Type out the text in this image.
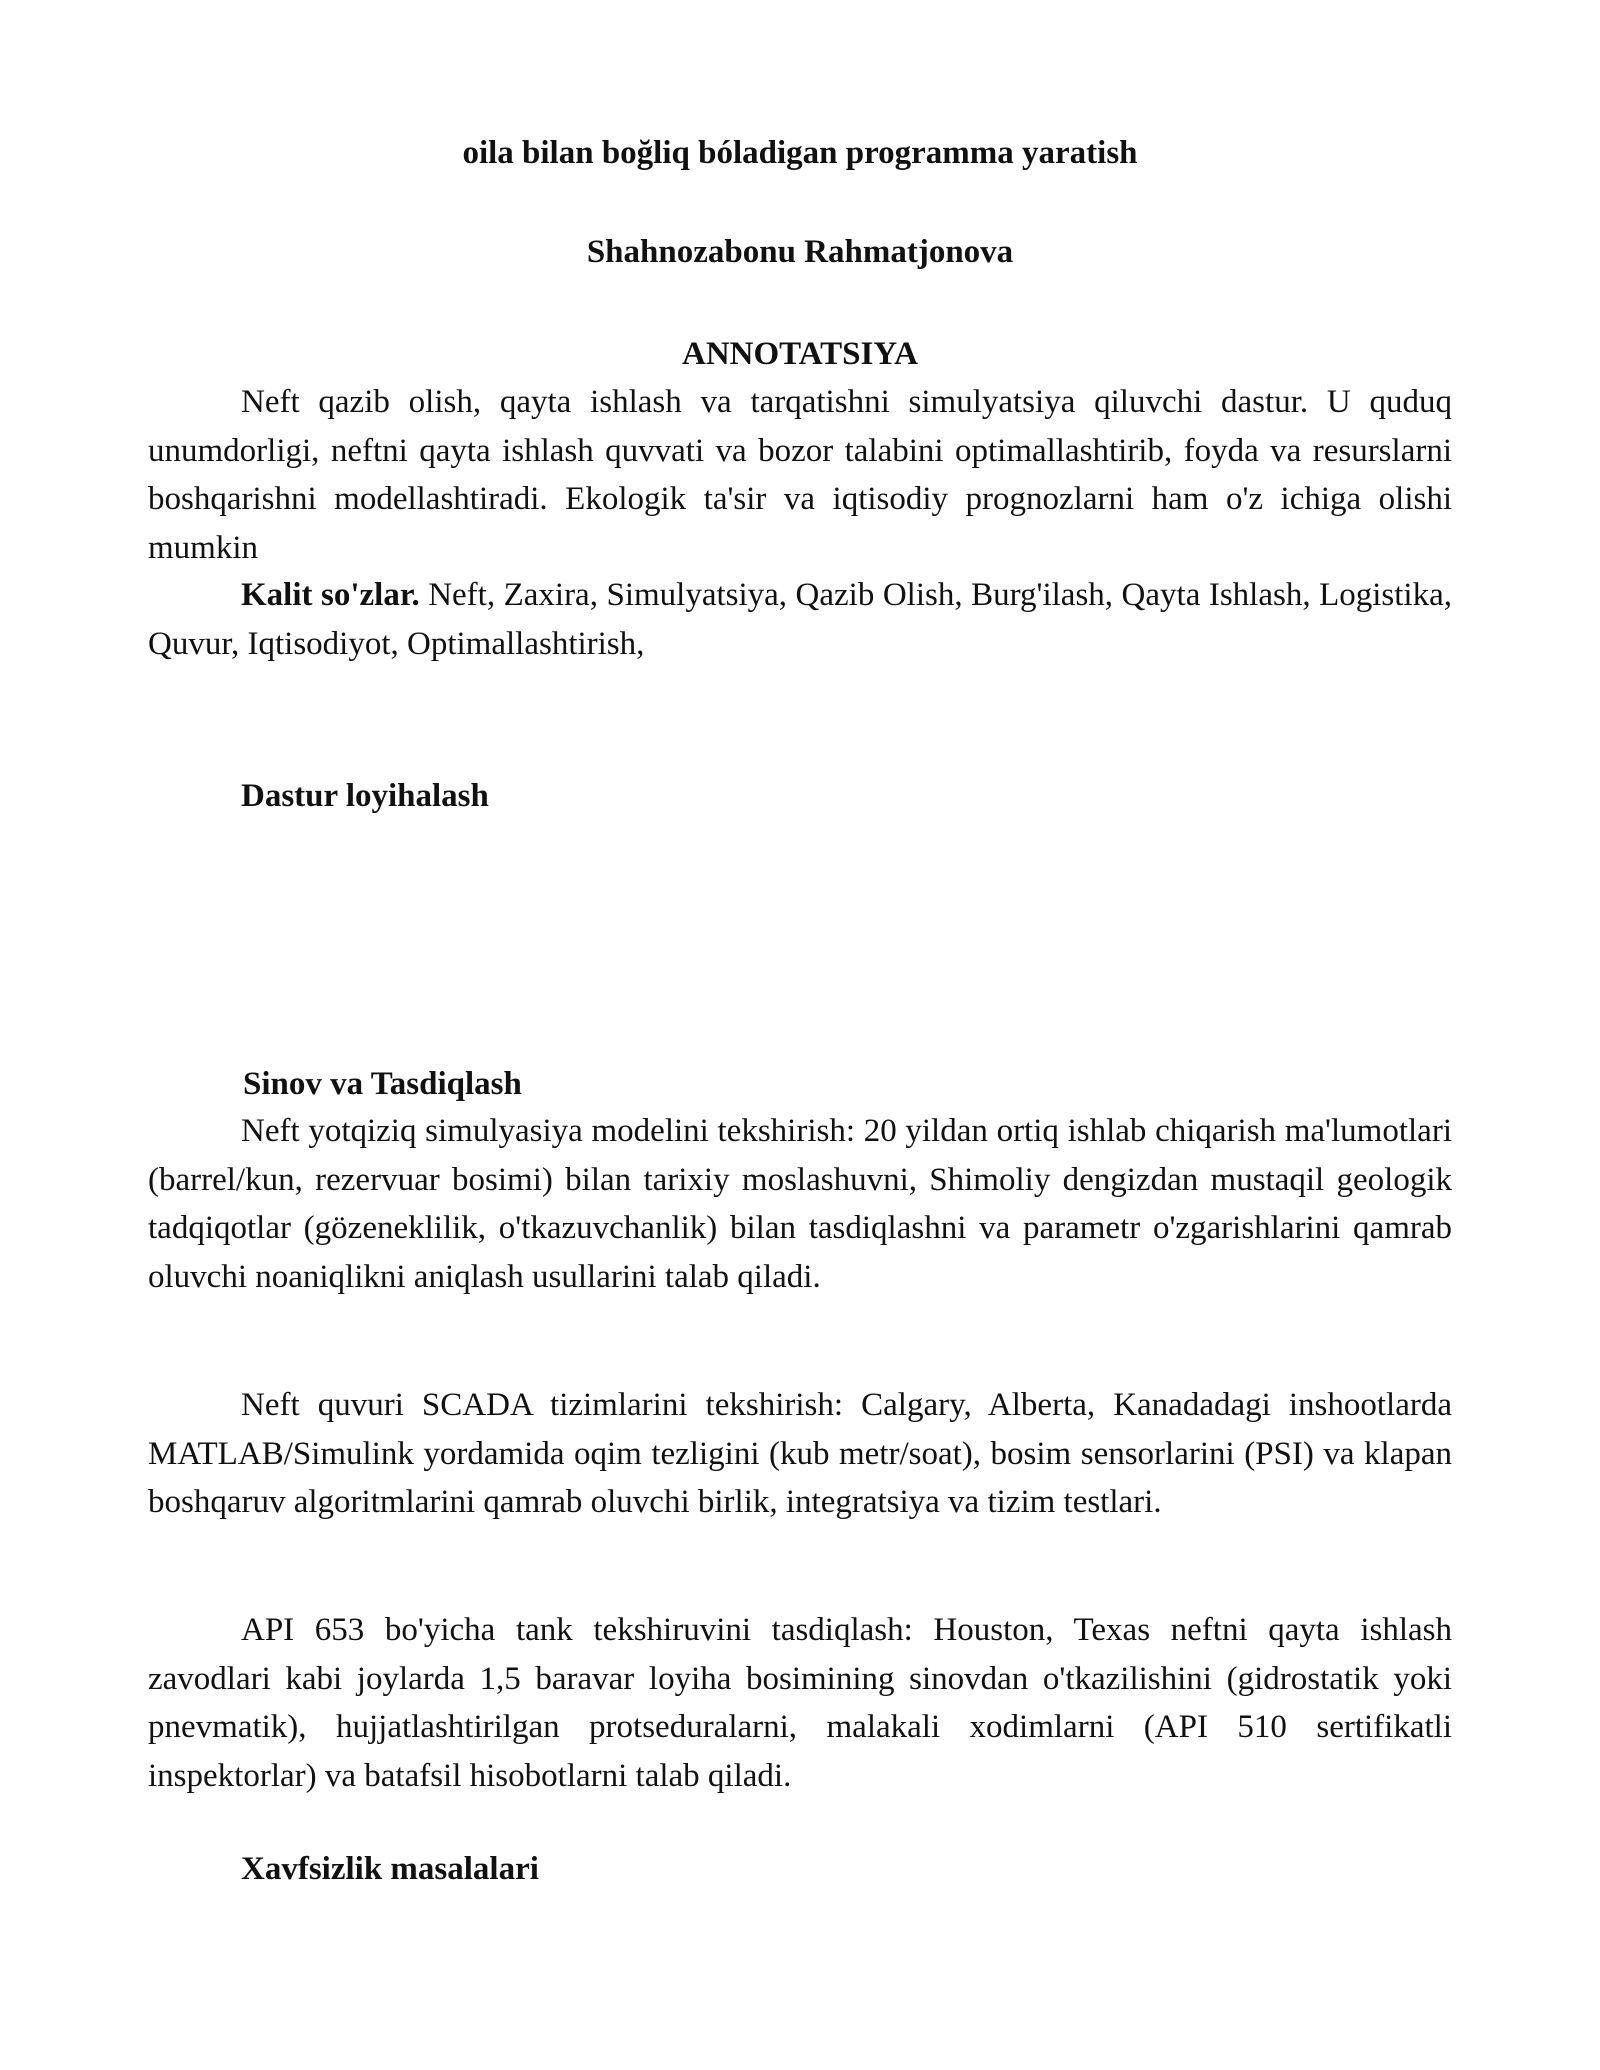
oila bilan boğliq bóladigan programma yaratish
Shahnozabonu Rahmatjonova
ANNOTATSIYA

Neft qazib olish, qayta ishlash va tarqatishni simulyatsiya qiluvchi dastur. U quduq unumdorligi, neftni qayta ishlash quvvati va bozor talabini optimallashtirib, foyda va resurslarni boshqarishni modellashtiradi. Ekologik ta'sir va iqtisodiy prognozlarni ham o'z ichiga olishi mumkin

Kalit so'zlar. Neft, Zaxira, Simulyatsiya, Qazib Olish, Burg'ilash, Qayta Ishlash, Logistika, Quvur, Iqtisodiyot, Optimallashtirish,

Dastur loyihalash
Sinov va Tasdiqlash

Neft yotqiziq simulyasiya modelini tekshirish: 20 yildan ortiq ishlab chiqarish ma'lumotlari (barrel/kun, rezervuar bosimi) bilan tarixiy moslashuvni, Shimoliy dengizdan mustaqil geologik tadqiqotlar (gözeneklilik, o'tkazuvchanlik) bilan tasdiqlashni va parametr o'zgarishlarini qamrab oluvchi noaniqlikni aniqlash usullarini talab qiladi.

Neft quvuri SCADA tizimlarini tekshirish: Calgary, Alberta, Kanadadagi inshootlarda MATLAB/Simulink yordamida oqim tezligini (kub metr/soat), bosim sensorlarini (PSI) va klapan boshqaruv algoritmlarini qamrab oluvchi birlik, integratsiya va tizim testlari.

API 653 bo'yicha tank tekshiruvini tasdiqlash: Houston, Texas neftni qayta ishlash zavodlari kabi joylarda 1,5 baravar loyiha bosimining sinovdan o'tkazilishini (gidrostatik yoki pnevmatik), hujjatlashtirilgan protseduralarni, malakali xodimlarni (API 510 sertifikatli inspektorlar) va batafsil hisobotlarni talab qiladi.

Xavfsizlik masalalari
